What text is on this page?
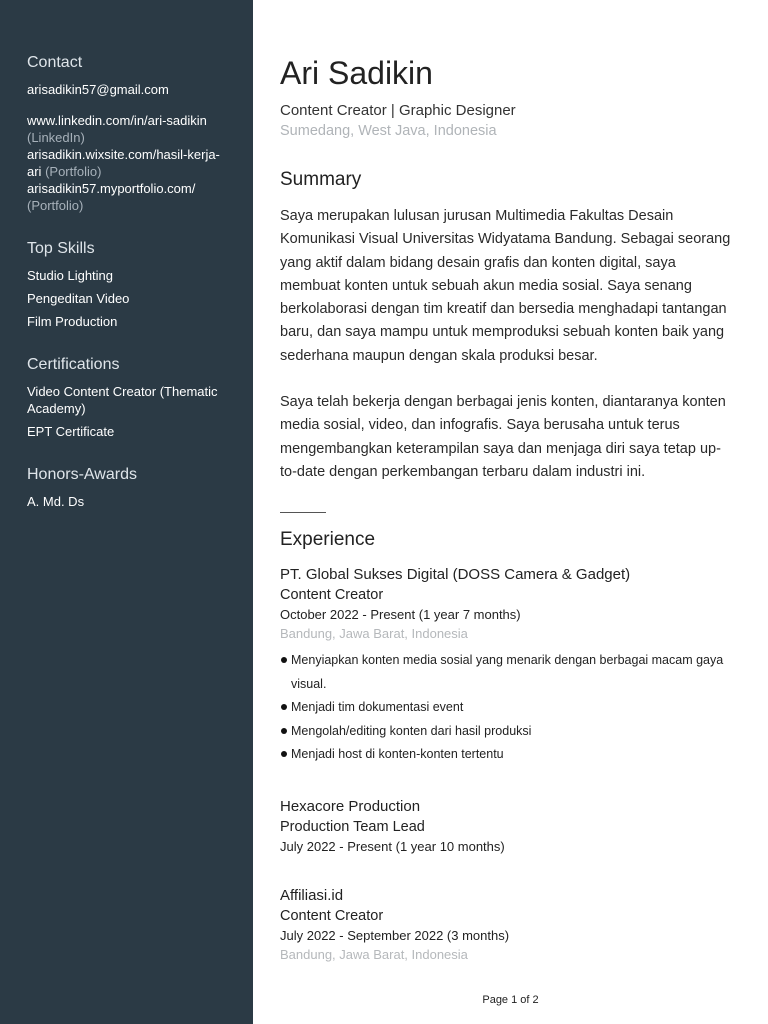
Contact
arisadikin57@gmail.com
www.linkedin.com/in/ari-sadikin
(LinkedIn)
arisadikin.wixsite.com/hasil-kerja-ari (Portfolio)
arisadikin57.myportfolio.com/
(Portfolio)
Top Skills
Studio Lighting
Pengeditan Video
Film Production
Certifications
Video Content Creator (Thematic Academy)
EPT Certificate
Honors-Awards
A. Md. Ds
Ari Sadikin

Content Creator | Graphic Designer

Sumedang, West Java, Indonesia

Summary

Saya merupakan lulusan jurusan Multimedia Fakultas Desain Komunikasi Visual Universitas Widyatama Bandung. Sebagai seorang yang aktif dalam bidang desain grafis dan konten digital, saya membuat konten untuk sebuah akun media sosial. Saya senang berkolaborasi dengan tim kreatif dan bersedia menghadapi tantangan baru, dan saya mampu untuk memproduksi sebuah konten baik yang sederhana maupun dengan skala produksi besar.

Saya telah bekerja dengan berbagai jenis konten, diantaranya konten media sosial, video, dan infografis. Saya berusaha untuk terus mengembangkan keterampilan saya dan menjaga diri saya tetap up-to-date dengan perkembangan terbaru dalam industri ini.

Experience

PT. Global Sukses Digital (DOSS Camera & Gadget)

Content Creator

October 2022 - Present (1 year 7 months)

Bandung, Jawa Barat, Indonesia

Menyiapkan konten media sosial yang menarik dengan berbagai macam gaya visual.
Menjadi tim dokumentasi event
Mengolah/editing konten dari hasil produksi
Menjadi host di konten-konten tertentu

Hexacore Production

Production Team Lead

July 2022 - Present (1 year 10 months)

Affiliasi.id

Content Creator

July 2022 - September 2022 (3 months)

Bandung, Jawa Barat, Indonesia

Page 1 of 2
